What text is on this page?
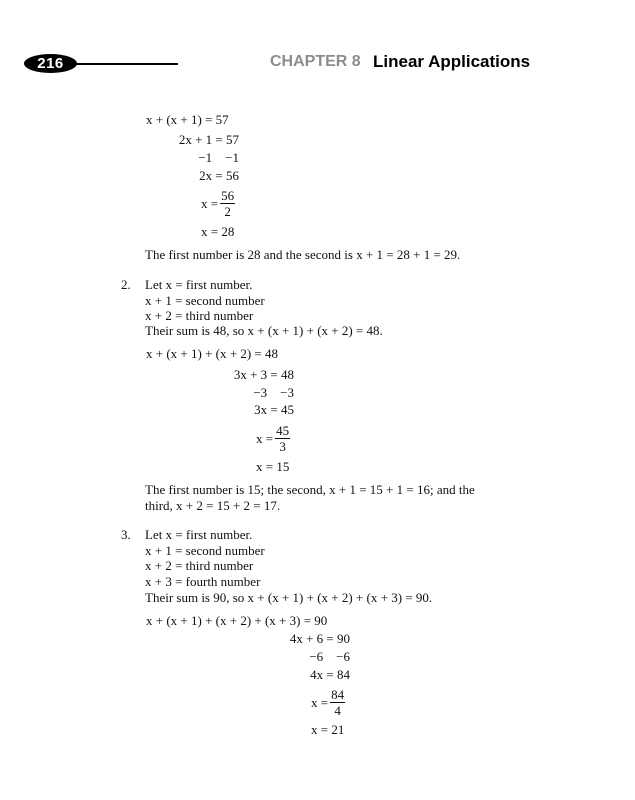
216	CHAPTER 8 Linear Applications
x + (x + 1) = 57
2x + 1 = 57
−1    −1
2x = 56
$x = \frac{56}{2}$
x = 28
The first number is 28 and the second is x + 1 = 28 + 1 = 29.
2. Let x = first number.
x + 1 = second number
x + 2 = third number
Their sum is 48, so x + (x + 1) + (x + 2) = 48.
x + (x + 1) + (x + 2) = 48
3x + 3 = 48
−3    −3
3x = 45
$x = \frac{45}{3}$
x = 15
The first number is 15; the second, x + 1 = 15 + 1 = 16; and the
third, x + 2 = 15 + 2 = 17.
3. Let x = first number.
x + 1 = second number
x + 2 = third number
x + 3 = fourth number
Their sum is 90, so x + (x + 1) + (x + 2) + (x + 3) = 90.
x + (x + 1) + (x + 2) + (x + 3) = 90
4x + 6 = 90
−6    −6
4x = 84
$x = \frac{84}{4}$
x = 21
